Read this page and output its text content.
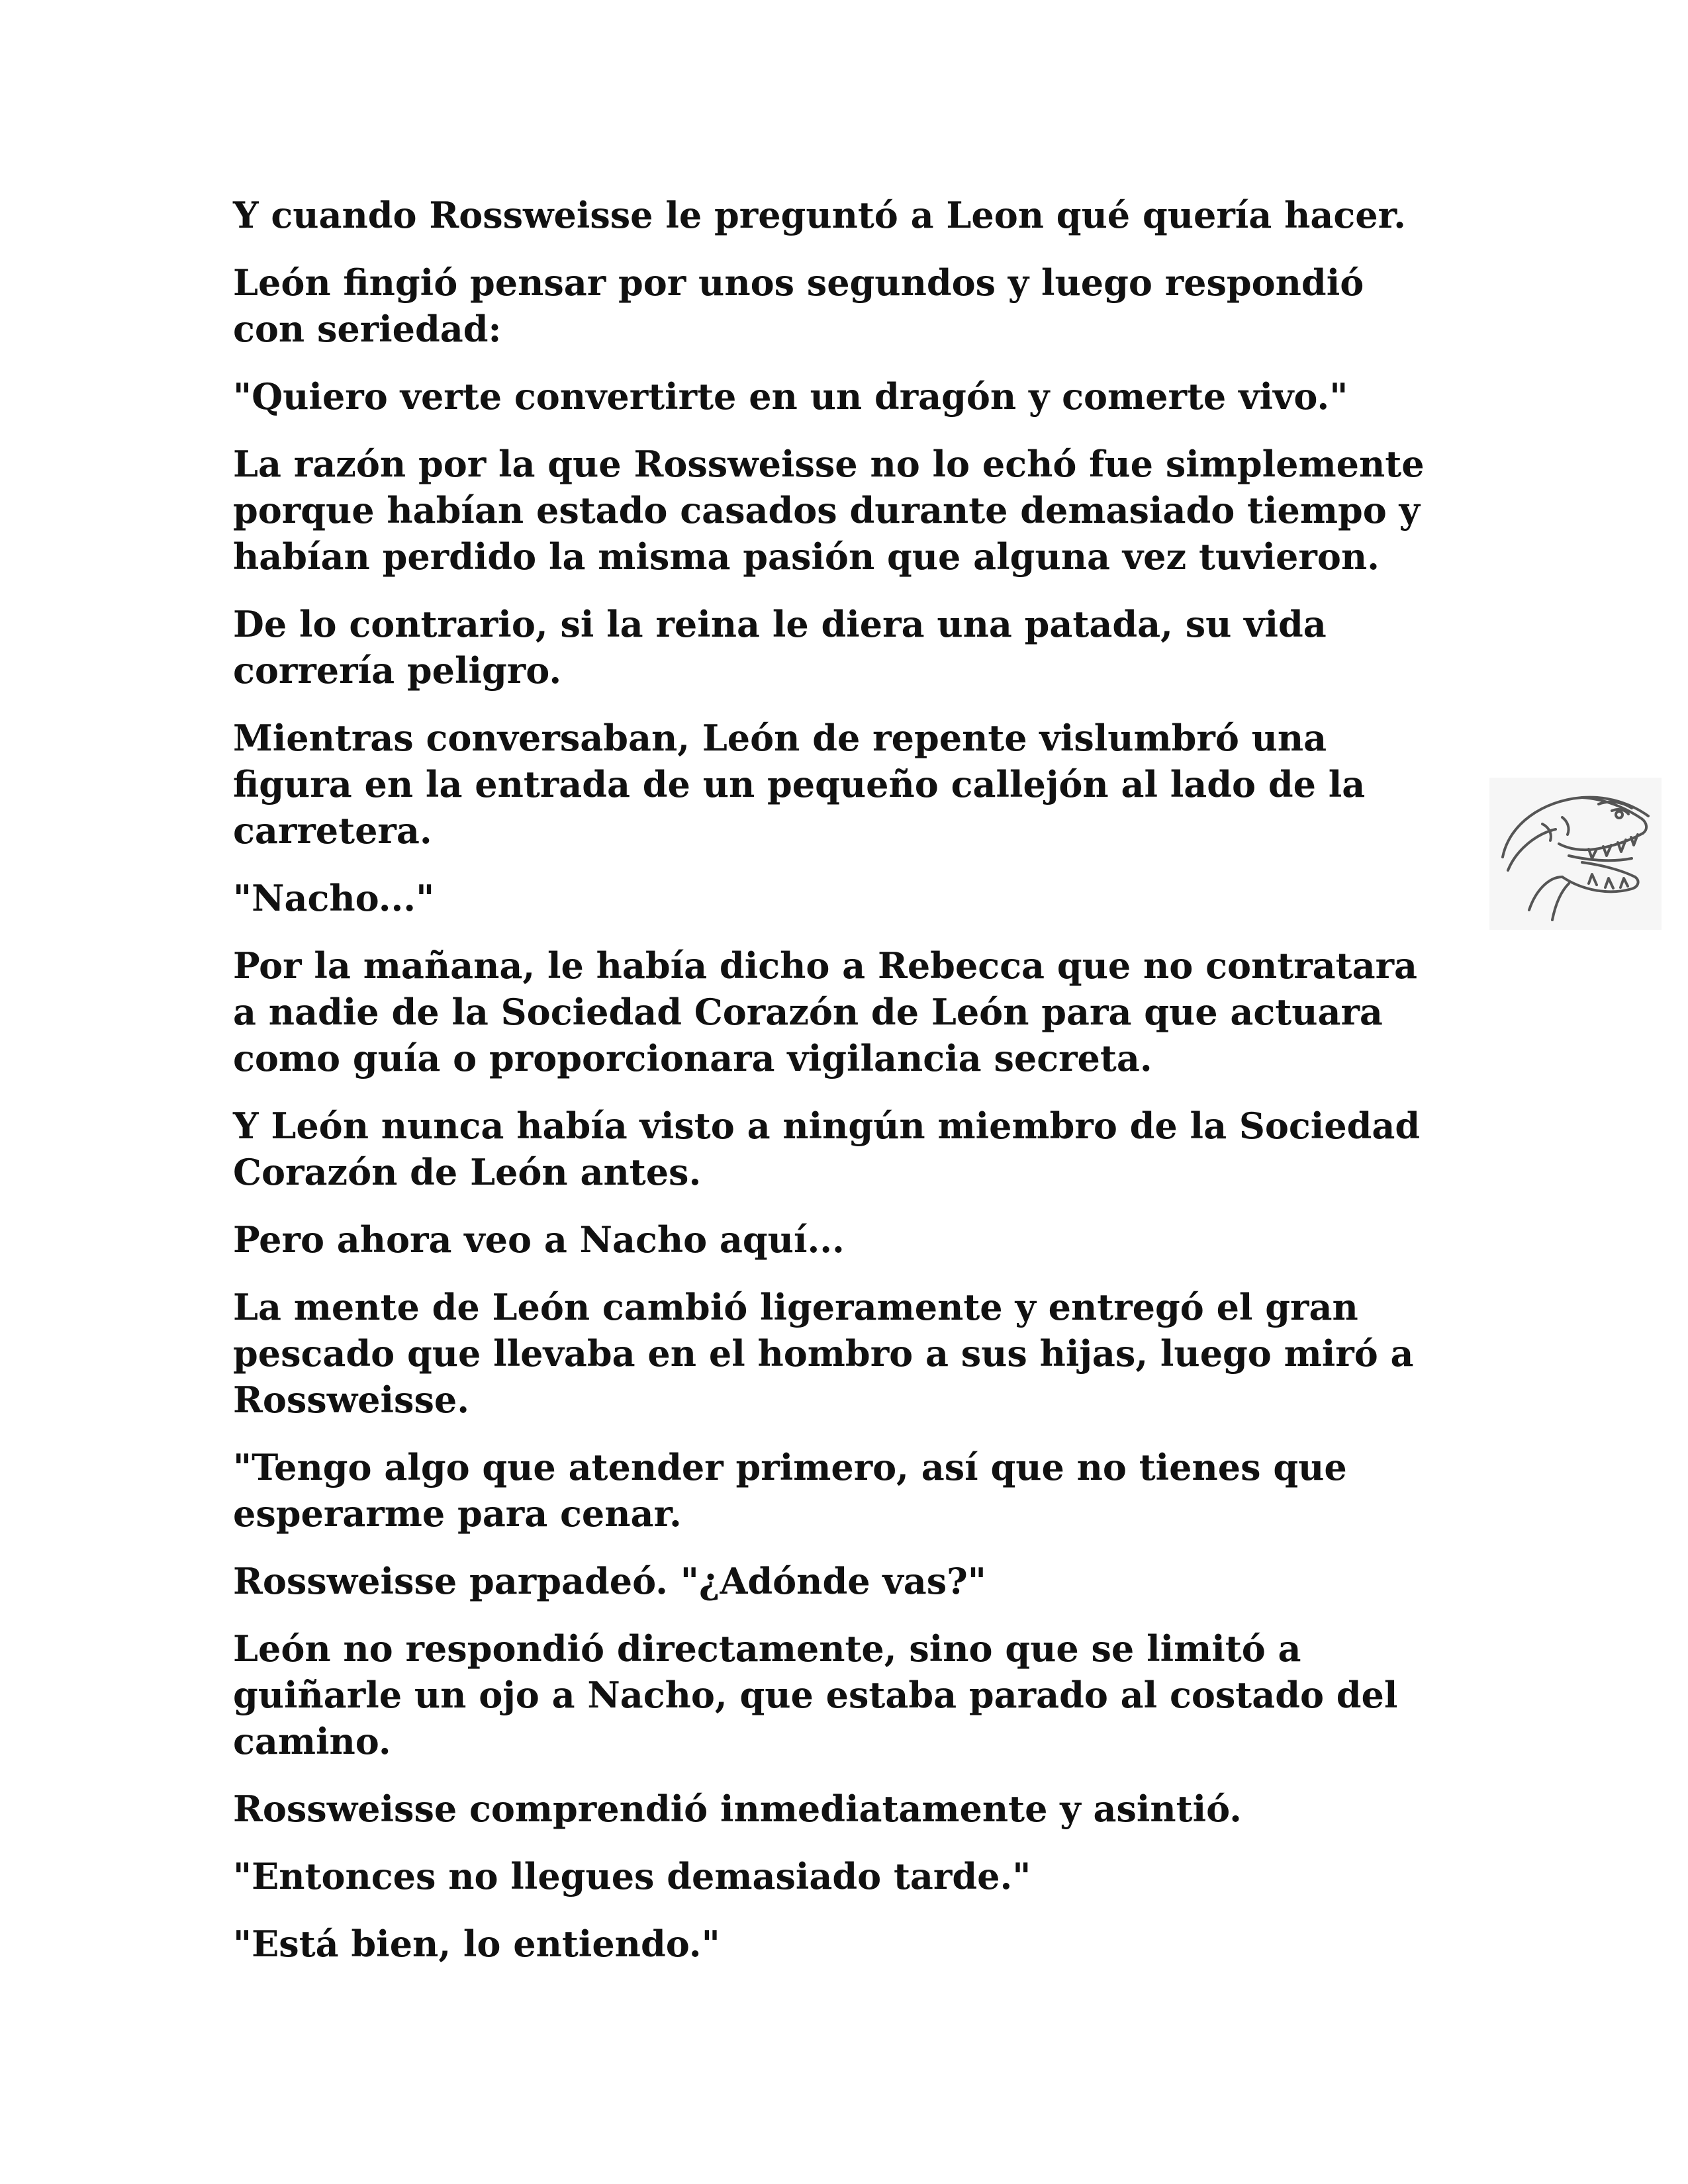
Y cuando Rossweisse le preguntó a Leon qué quería hacer.

León fingió pensar por unos segundos y luego respondió con seriedad:

"Quiero verte convertirte en un dragón y comerte vivo."

La razón por la que Rossweisse no lo echó fue simplemente porque habían estado casados durante demasiado tiempo y habían perdido la misma pasión que alguna vez tuvieron.

De lo contrario, si la reina le diera una patada, su vida correría peligro.

Mientras conversaban, León de repente vislumbró una figura en la entrada de un pequeño callejón al lado de la carretera.

"Nacho..."

Por la mañana, le había dicho a Rebecca que no contratara a nadie de la Sociedad Corazón de León para que actuara como guía o proporcionara vigilancia secreta.

Y León nunca había visto a ningún miembro de la Sociedad Corazón de León antes.

Pero ahora veo a Nacho aquí...

La mente de León cambió ligeramente y entregó el gran pescado que llevaba en el hombro a sus hijas, luego miró a Rossweisse.

"Tengo algo que atender primero, así que no tienes que esperarme para cenar.

Rossweisse parpadeó. "¿Adónde vas?"

León no respondió directamente, sino que se limitó a guiñarle un ojo a Nacho, que estaba parado al costado del camino.

Rossweisse comprendió inmediatamente y asintió.

"Entonces no llegues demasiado tarde."

"Está bien, lo entiendo."
